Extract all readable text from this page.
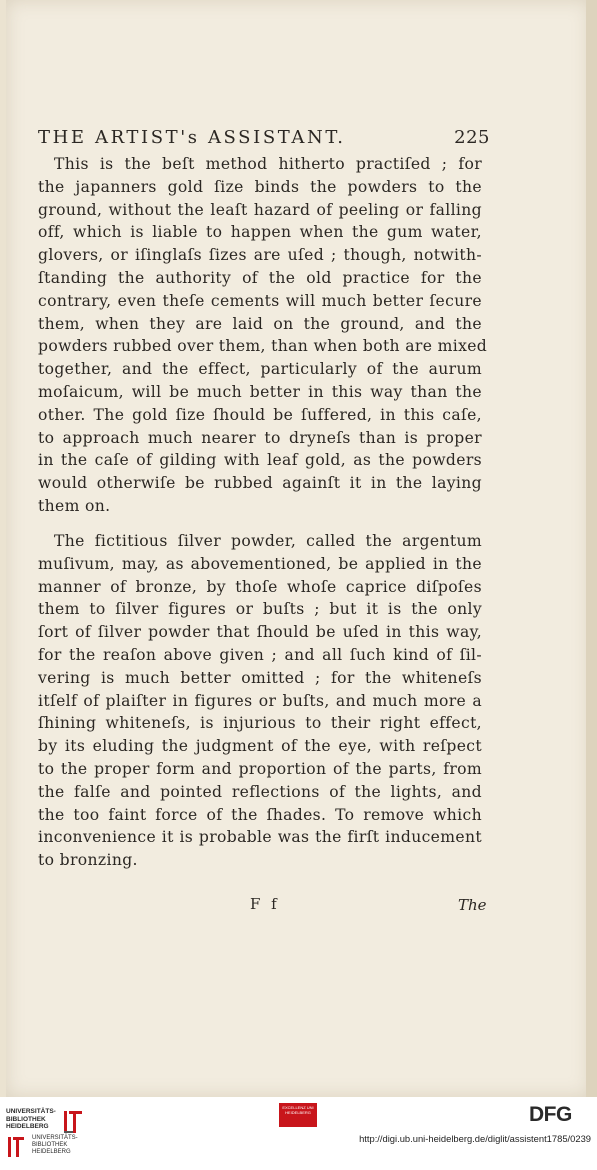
THE ARTIST's ASSISTANT.	225
This is the beſt method hitherto practiſed ; for
the japanners gold ſize binds the powders to the
ground, without the leaſt hazard of peeling or falling
off, which is liable to happen when the gum water,
glovers, or iſinglaſs ſizes are uſed ; though, notwith-
ſtanding the authority of the old practice for the
contrary, even theſe cements will much better ſecure
them, when they are laid on the ground, and the
powders rubbed over them, than when both are mixed
together, and the effect, particularly of the aurum
moſaicum, will be much better in this way than the
other. The gold ſize ſhould be ſuffered, in this caſe,
to approach much nearer to dryneſs than is proper
in the caſe of gilding with leaf gold, as the powders
would otherwiſe be rubbed againſt it in the laying
them on.
The fictitious ſilver powder, called the argentum
muſivum, may, as abovementioned, be applied in the
manner of bronze, by thoſe whoſe caprice diſpoſes
them to ſilver figures or buſts ; but it is the only
ſort of ſilver powder that ſhould be uſed in this way,
for the reaſon above given ; and all ſuch kind of ſil-
vering is much better omitted ; for the whiteneſs
itſelf of plaiſter in figures or buſts, and much more a
ſhining whiteneſs, is injurious to their right effect,
by its eluding the judgment of the eye, with reſpect
to the proper form and proportion of the parts, from
the falſe and pointed reflections of the lights, and
the too faint force of the ſhades. To remove which
inconvenience it is probable was the firſt inducement
to bronzing.
F f	The
UNIVERSITÄTS-
BIBLIOTHEK
HEIDELBERG
UNIVERSITÄTS-
BIBLIOTHEK
HEIDELBERG
EXCELLENZ UNI HEIDELBERG	DFG
http://digi.ub.uni-heidelberg.de/diglit/assistent1785/0239
